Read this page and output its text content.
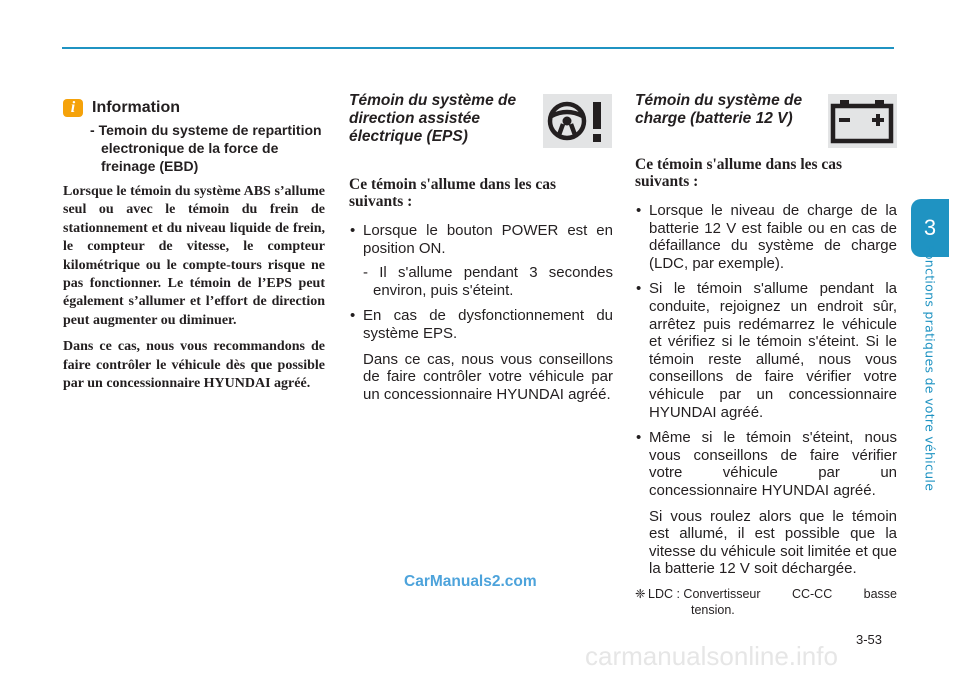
3
Fonctions pratiques de votre véhicule
i	Information
- Temoin du systeme de repartition electronique de la force de freinage (EBD)

Lorsque le témoin du système ABS s’allume seul ou avec le témoin du frein de stationnement et du niveau liquide de frein, le compteur de vitesse, le compteur kilométrique ou le compte-tours risque ne pas fonctionner. Le témoin de l’EPS peut également s’allumer et l’effort de direction peut augmenter ou diminuer.

Dans ce cas, nous vous recommandons de faire contrôler le véhicule dès que possible par un concessionnaire HYUNDAI agréé.

Témoin du système de direction assistée électrique (EPS)
Ce témoin s'allume dans les cas suivants :
• Lorsque le bouton POWER est en position ON.
- Il s'allume pendant 3 secondes environ, puis s'éteint.
• En cas de dysfonctionnement du système EPS.
Dans ce cas, nous vous conseillons de faire contrôler votre véhicule par un concessionnaire HYUNDAI agréé.
Témoin du système de charge (batterie 12 V)
Ce témoin s'allume dans les cas suivants :
• Lorsque le niveau de charge de la batterie 12 V est faible ou en cas de défaillance du système de charge (LDC, par exemple).
• Si le témoin s'allume pendant la conduite, rejoignez un endroit sûr, arrêtez puis redémarrez le véhicule et vérifiez si le témoin s'éteint. Si le témoin reste allumé, nous vous conseillons de faire vérifier votre véhicule par un concessionnaire HYUNDAI agréé.
• Même si le témoin s'éteint, nous vous conseillons de faire vérifier votre véhicule par un concessionnaire HYUNDAI agréé.
Si vous roulez alors que le témoin est allumé, il est possible que la vitesse du véhicule soit limitée et que la batterie 12 V soit déchargée.
❈ LDC : Convertisseur	CC-CC	basse
tension.
CarManuals2.com
3-53
carmanualsonline.info
